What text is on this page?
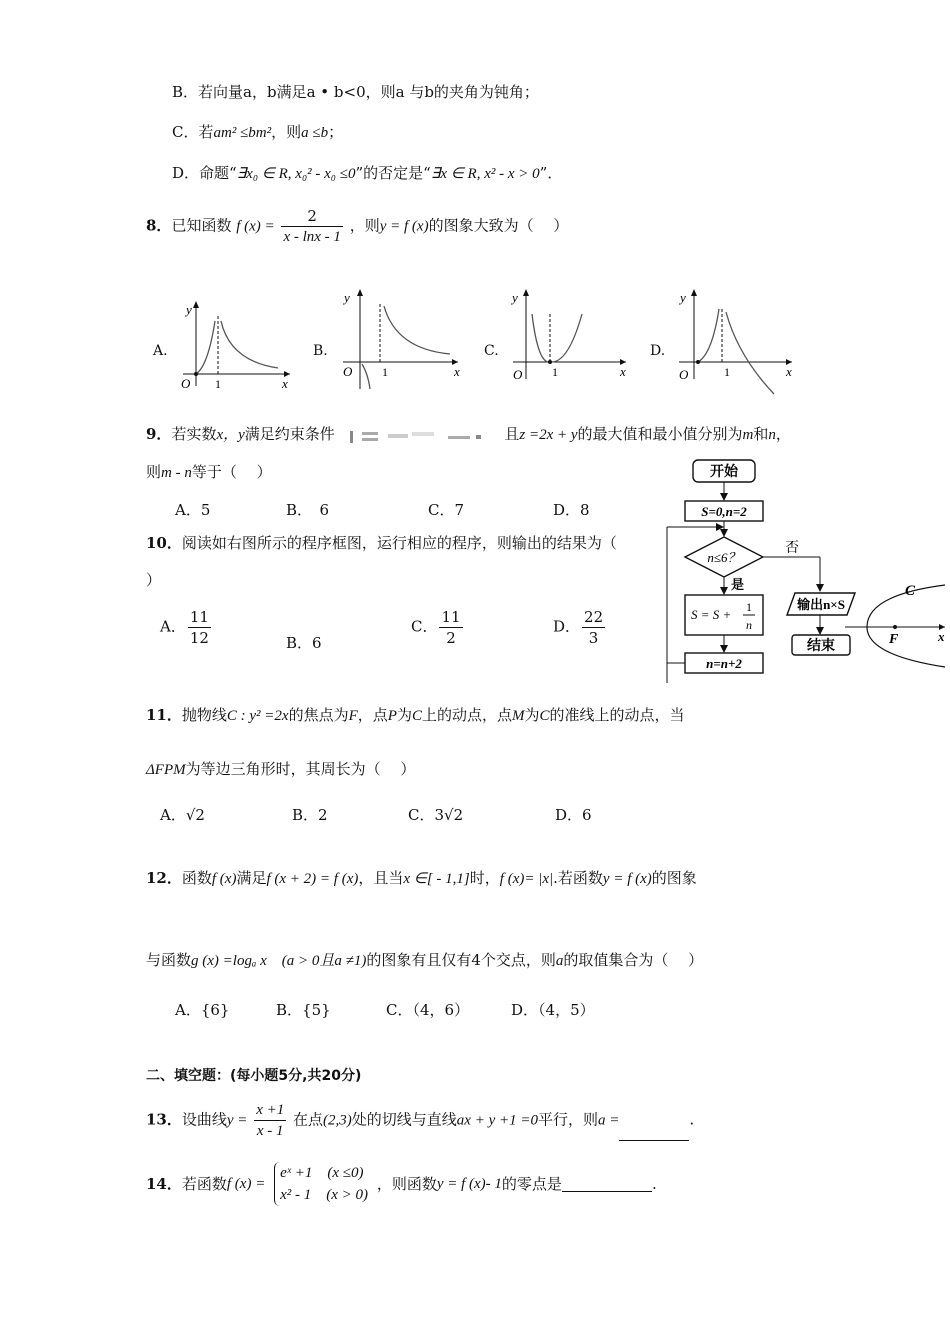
B．若向量a，b满足a • b<0，则a 与b的夹角为钝角；
C．若am² ≤bm²，则a ≤b；
D．命题“∃x₀ ∈ R, x₀² - x₀ ≤0”的否定是“∃x ∈ R, x² - x > 0”．
8．已知函数 f $(x) = \frac{2}{x - \ln x - 1}$ ，则y = f (x)的图象大致为（　 ）
A.
y
x
O 1
B.
y
x
O 1
C.
y
x
O 1
D.
y
x
O	1
9．若实数x，y满足约束条件	且z =2x + y的最大值和最小值分别为m和n，
则m - n等于（　 ）
A．5	B．　6	C．7	D．8
10．阅读如右图所示的程序框图，运行相应的程序，则输出的结果为（
）
A． $\frac{11}{12}$	B．6
C． $\frac{11}{2}$	D． $\frac{22}{3}$
开始
S=0,n=2
n≤6？
否
是
S = S + 1
n
n=n+2
输出n×S
结束
C
F	x
11．抛物线C : y² =2x的焦点为F，点P为C上的动点，点M为C的准线上的动点，当
ΔFPM为等边三角形时，其周长为（　 ）
A．√2	B．2	C．3√2	D．6
12．函数f (x)满足f (x + 2) = f (x)，且当x ∈[ - 1,1]时，f (x)= |x|.若函数y = f (x)的图象
与函数g (x) =logₐ x　(a > 0且a ≠1)的图象有且仅有4个交点，则a的取值集合为（　 ）
A．{6}	B．{5}	C．（4，6）	D．（4，5）
二、填空题：(每小题5分,共20分)
13．设曲线$y = \frac{x +1}{x - 1}$ 在点(2,3)处的切线与直线ax + y +1 =0平行，则a =	.
14．若函数f (x) =
eˣ +1　(x ≤0)
x² - 1　(x > 0)
，则函数y = f (x)- 1的零点是	.
